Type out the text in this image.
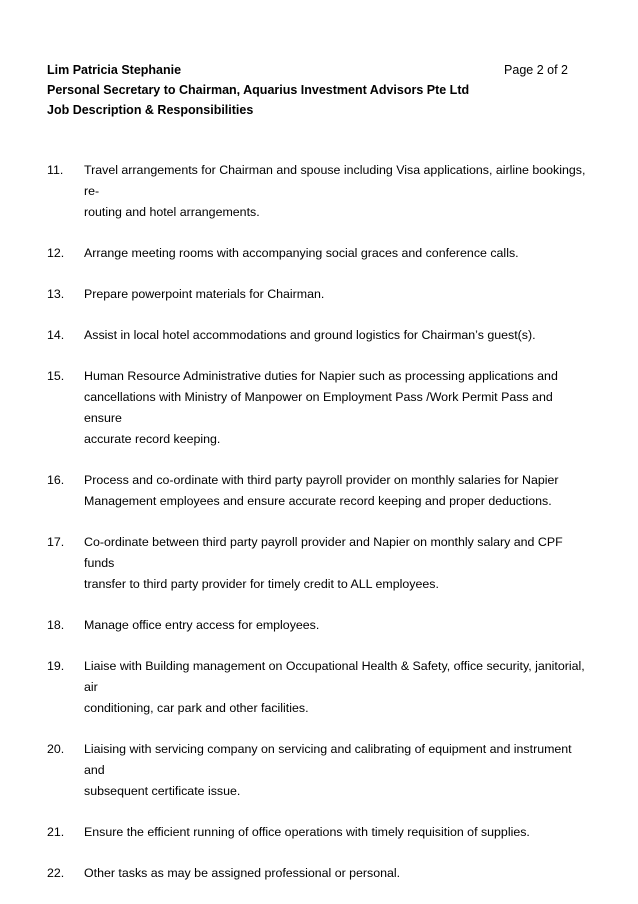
Lim Patricia Stephanie	Page 2 of 2
Personal Secretary to Chairman, Aquarius Investment Advisors Pte Ltd
Job Description & Responsibilities
11.	Travel arrangements for Chairman and spouse including Visa applications, airline bookings, re-
routing and hotel arrangements.
12.	Arrange meeting rooms with accompanying social graces and conference calls.
13.	Prepare powerpoint materials for Chairman.
14.	Assist in local hotel accommodations and ground logistics for Chairman’s guest(s).
15.	Human Resource Administrative duties for Napier such as processing applications and
cancellations with Ministry of Manpower on Employment Pass /Work Permit Pass and ensure
accurate record keeping.
16.	Process and co-ordinate with third party payroll provider on monthly salaries for Napier
Management employees and ensure accurate record keeping and proper deductions.
17.	Co-ordinate between third party payroll provider and Napier on monthly salary and CPF funds
transfer to third party provider for timely credit to ALL employees.
18.	Manage office entry access for employees.
19.	Liaise with Building management on Occupational Health & Safety, office security, janitorial, air
conditioning, car park and other facilities.
20.	Liaising with servicing company on servicing and calibrating of equipment and instrument and
subsequent certificate issue.
21.	Ensure the efficient running of office operations with timely requisition of supplies.
22.	Other tasks as may be assigned professional or personal.
